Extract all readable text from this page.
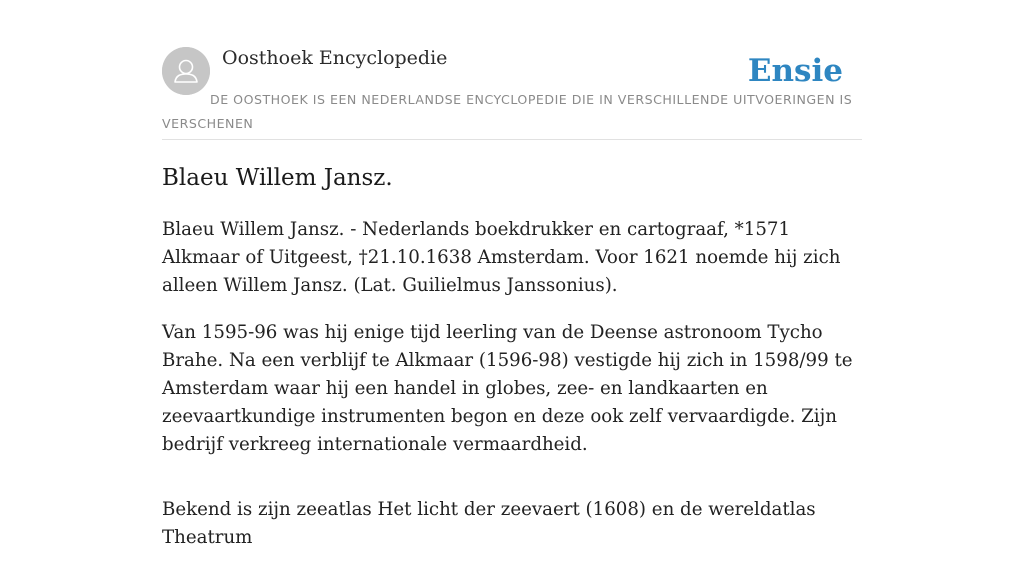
Oosthoek Encyclopedie	Ensie
DE OOSTHOEK IS EEN NEDERLANDSE ENCYCLOPEDIE DIE IN VERSCHILLENDE UITVOERINGEN IS VERSCHENEN
Blaeu Willem Jansz.

Blaeu Willem Jansz. - Nederlands boekdrukker en cartograaf, *1571 Alkmaar of Uitgeest, †21.10.1638 Amsterdam. Voor 1621 noemde hij zich alleen Willem Jansz. (Lat. Guilielmus Janssonius).

Van 1595-96 was hij enige tijd leerling van de Deense astronoom Tycho Brahe. Na een verblijf te Alkmaar (1596-98) vestigde hij zich in 1598/99 te Amsterdam waar hij een handel in globes, zee- en landkaarten en zeevaartkundige instrumenten begon en deze ook zelf vervaardigde. Zijn bedrijf verkreeg internationale vermaardheid.

Bekend is zijn zeeatlas Het licht der zeevaert (1608) en de wereldatlas Theatrum
